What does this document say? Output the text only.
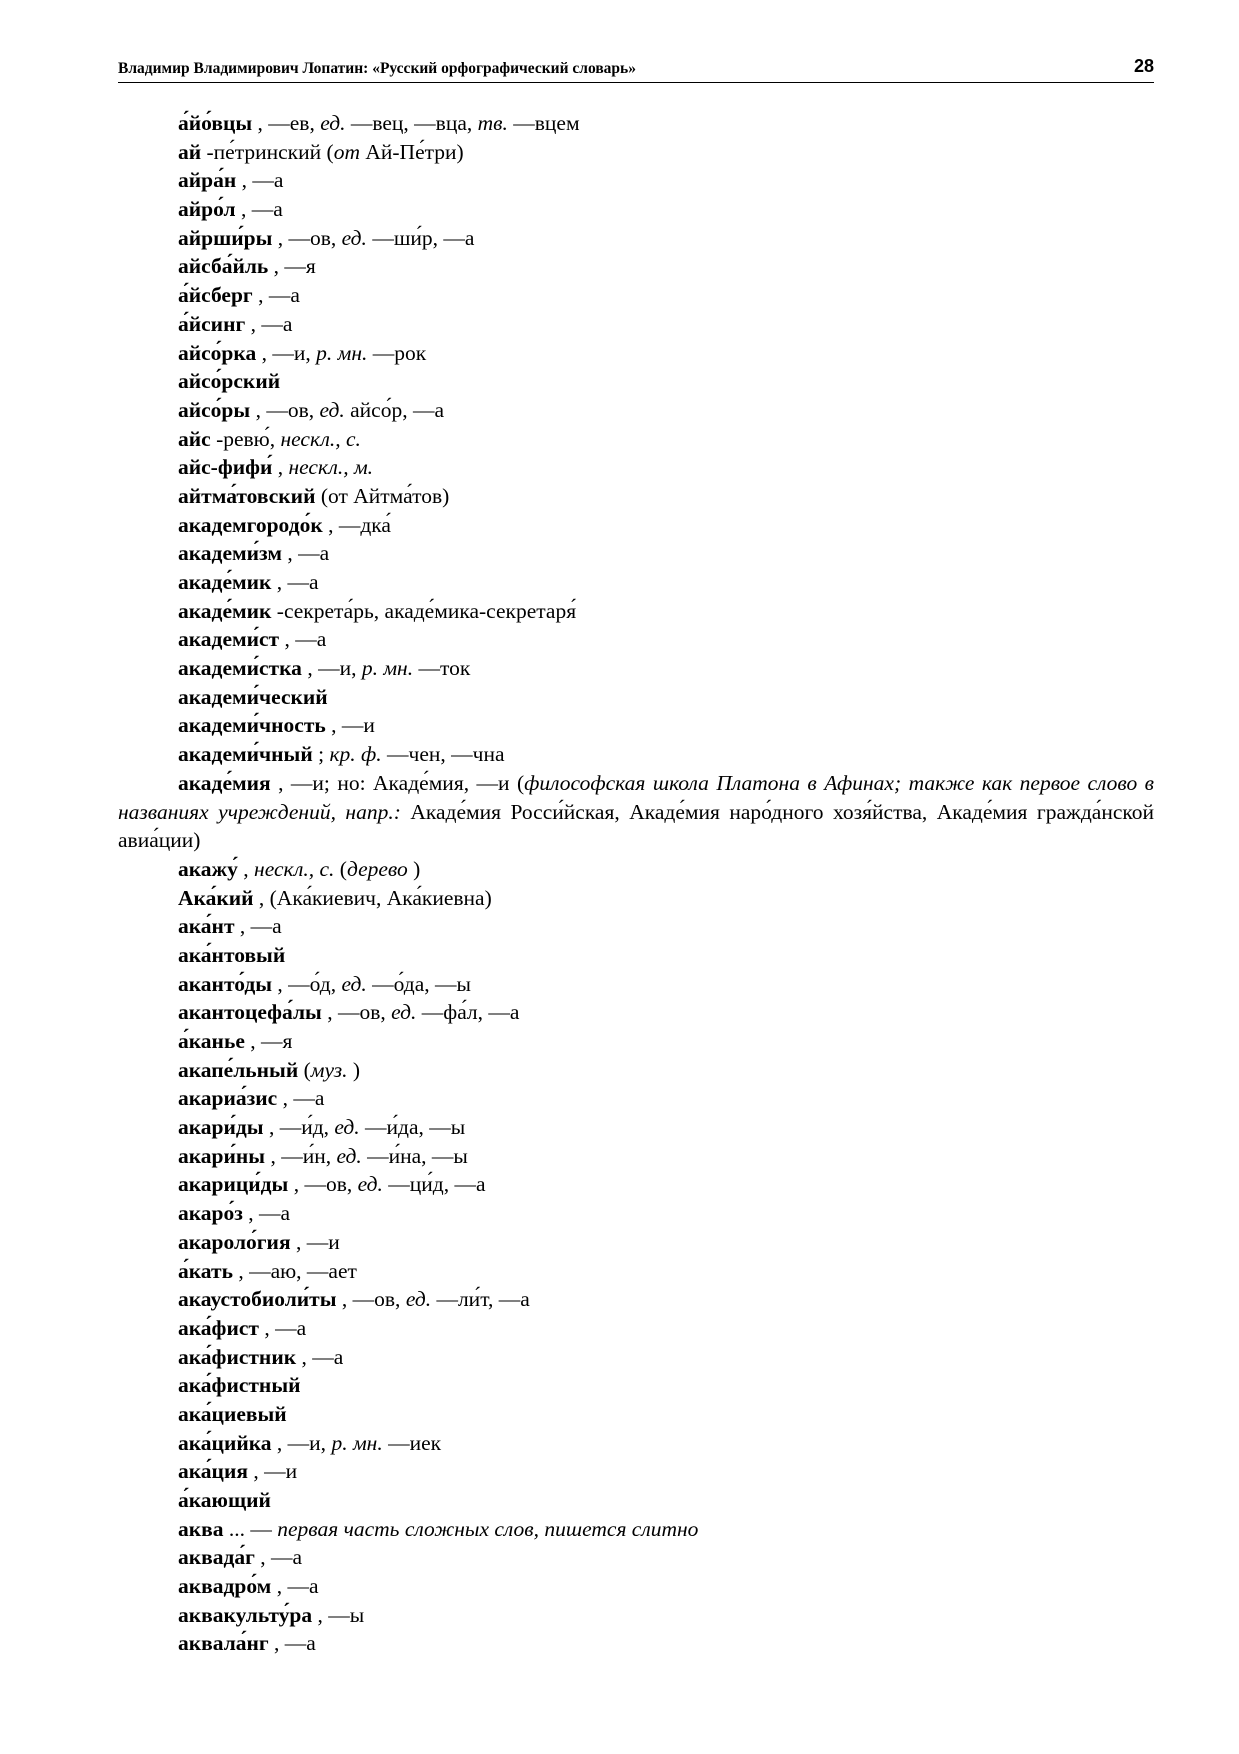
Владимир Владимирович Лопатин: «Русский орфографический словарь»	28

а́йо́вцы , —ев, ед. —вец, —вца, тв. —вцем

ай -пе́тринский (от Ай-Пе́три)

айра́н , —а

айро́л , —а

айрши́ры , —ов, ед. —ши́р, —а

айсба́йль , —я

а́йсберг , —а

а́йсинг , —а

айсо́рка , —и, р. мн. —рок

айсо́рский

айсо́ры , —ов, ед. айсо́р, —а

айс -ревю́, нескл., с.

айс-фифи́ , нескл., м.

айтма́товский (от Айтма́тов)

академгородо́к , —дка́

академи́зм , —а

акаде́мик , —а

акаде́мик -секрета́рь, акаде́мика-секретаря́

академи́ст , —а

академи́стка , —и, р. мн. —ток

академи́ческий

академи́чность , —и

академи́чный ; кр. ф. —чен, —чна

акаде́мия , —и; но: Акаде́мия, —и (философская школа Платона в Афинах; также как первое слово в названиях учреждений, напр.: Акаде́мия Росси́йская, Акаде́мия наро́дного хозя́йства, Акаде́мия гражда́нской авиа́ции)

акажу́ , нескл., с. (дерево )

Ака́кий , (Ака́киевич, Ака́киевна)

ака́нт , —а

ака́нтовый

аканто́ды , —о́д, ед. —о́да, —ы

акантоцефа́лы , —ов, ед. —фа́л, —а

а́канье , —я

акапе́льный (муз. )

акариа́зис , —а

акари́ды , —и́д, ед. —и́да, —ы

акари́ны , —и́н, ед. —и́на, —ы

акарици́ды , —ов, ед. —ци́д, —а

акаро́з , —а

акароло́гия , —и

а́кать , —аю, —ает

акаустобиоли́ты , —ов, ед. —ли́т, —а

ака́фист , —а

ака́фистник , —а

ака́фистный

ака́циевый

ака́цийка , —и, р. мн. —иек

ака́ция , —и

а́кающий

аква ... — первая часть сложных слов, пишется слитно

аквада́г , —а

аквадро́м , —а

аквакульту́ра , —ы

аквала́нг , —а
